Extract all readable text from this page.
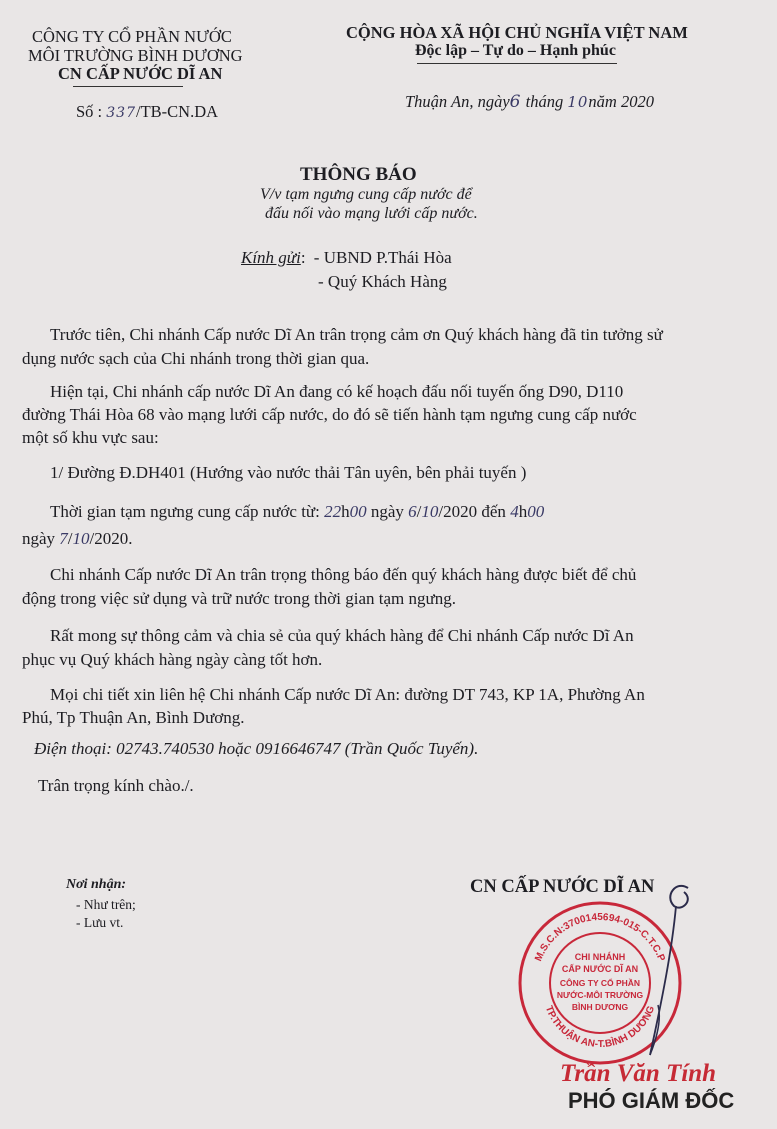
CÔNG TY CỔ PHẦN NƯỚC
MÔI TRƯỜNG BÌNH DƯƠNG
CN CẤP NƯỚC DĨ AN
Số : 337/TB-CN.DA
CỘNG HÒA XÃ HỘI CHỦ NGHĨA VIỆT NAM
Độc lập – Tự do – Hạnh phúc
Thuận An, ngày6 tháng 10năm 2020
THÔNG BÁO
V/v tạm ngưng cung cấp nước để
đấu nối vào mạng lưới cấp nước.
Kính gửi: - UBND P.Thái Hòa
- Quý Khách Hàng
Trước tiên, Chi nhánh Cấp nước Dĩ An trân trọng cảm ơn Quý khách hàng đã tin tưởng sử
dụng nước sạch của Chi nhánh trong thời gian qua.
Hiện tại, Chi nhánh cấp nước Dĩ An đang có kế hoạch đấu nối tuyến ống D90, D110
đường Thái Hòa 68 vào mạng lưới cấp nước, do đó sẽ tiến hành tạm ngưng cung cấp nước
một số khu vực sau:
1/ Đường Đ.DH401 (Hướng vào nước thải Tân uyên, bên phải tuyến )
Thời gian tạm ngưng cung cấp nước từ: 22h00 ngày 6/10/2020 đến 4h00
ngày 7/10/2020.
Chi nhánh Cấp nước Dĩ An trân trọng thông báo đến quý khách hàng được biết để chủ
động trong việc sử dụng và trữ nước trong thời gian tạm ngưng.
Rất mong sự thông cảm và chia sẻ của quý khách hàng để Chi nhánh Cấp nước Dĩ An
phục vụ Quý khách hàng ngày càng tốt hơn.
Mọi chi tiết xin liên hệ Chi nhánh Cấp nước Dĩ An: đường DT 743, KP 1A, Phường An
Phú, Tp Thuận An, Bình Dương.
Điện thoại: 02743.740530 hoặc 0916646747 (Trần Quốc Tuyến).
Trân trọng kính chào./.
Nơi nhận:
- Như trên;
- Lưu vt.
CN CẤP NƯỚC DĨ AN
M.S.C.N:3700145694-015-C.T.C.P
TP.THUẬN AN-T.BÌNH DƯƠNG
CHI NHÁNH
CẤP NƯỚC DĨ AN
CÔNG TY CỔ PHẦN
NƯỚC-MÔI TRƯỜNG
BÌNH DƯƠNG
Trần Văn Tính
PHÓ GIÁM ĐỐC
